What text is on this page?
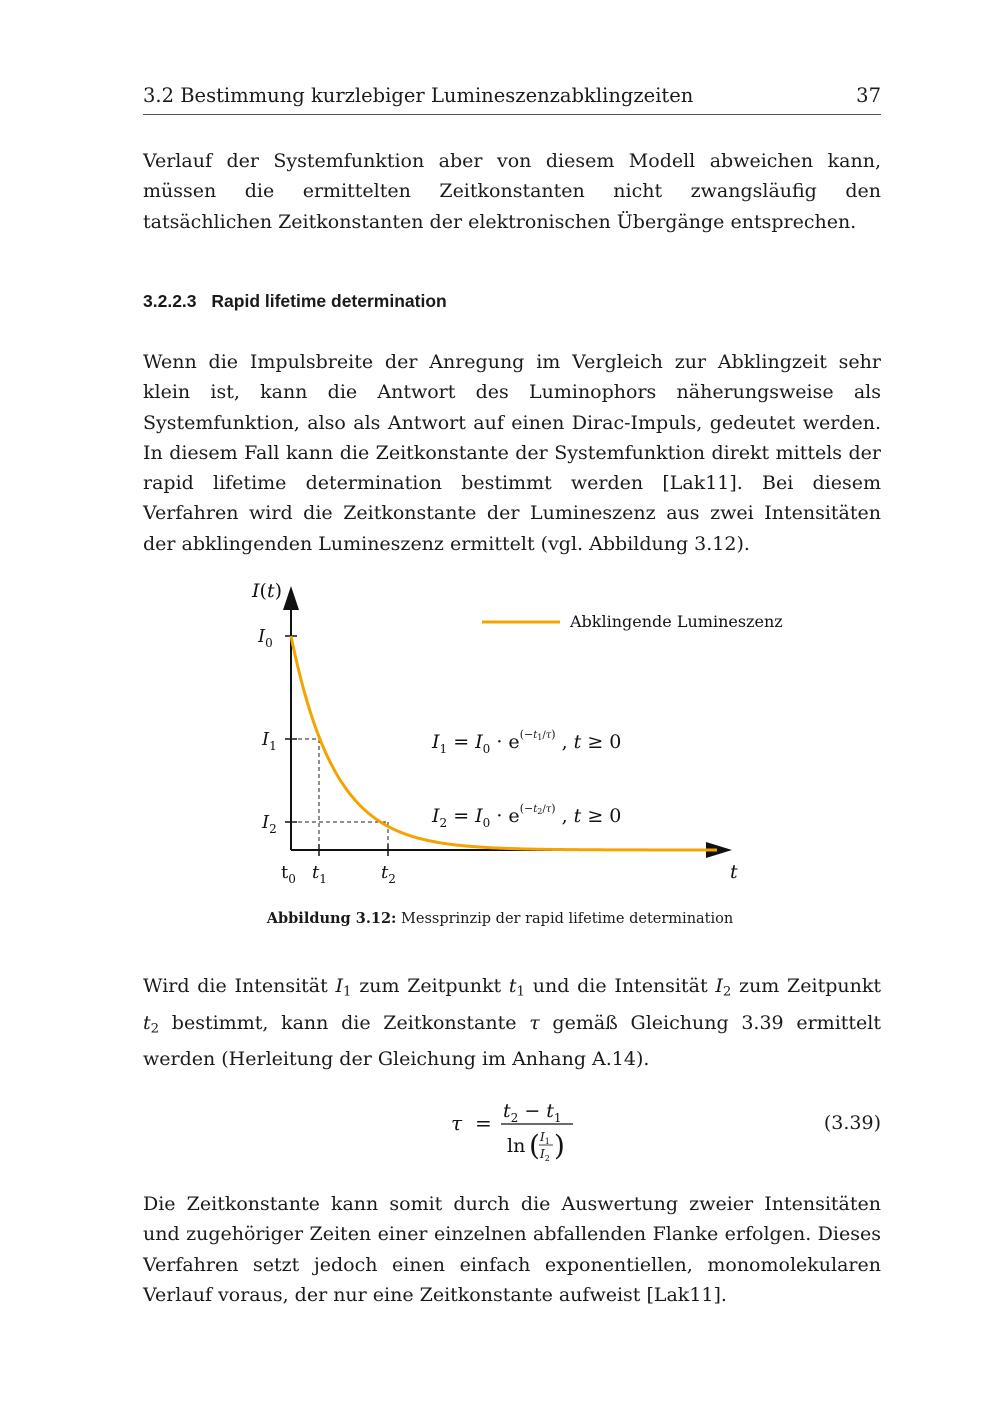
3.2 Bestimmung kurzlebiger Lumineszenzabklingzeiten	37
Verlauf der Systemfunktion aber von diesem Modell abweichen kann, müssen die ermittelten Zeitkonstanten nicht zwangsläufig den tatsächlichen Zeitkonstanten der elektronischen Übergänge entsprechen.
3.2.2.3 Rapid lifetime determination
Wenn die Impulsbreite der Anregung im Vergleich zur Abklingzeit sehr klein ist, kann die Antwort des Luminophors näherungsweise als Systemfunktion, also als Antwort auf einen Dirac-Impuls, gedeutet werden. In diesem Fall kann die Zeitkonstante der Systemfunktion direkt mittels der rapid lifetime determination bestimmt werden [Lak11]. Bei diesem Verfahren wird die Zeitkonstante der Lumineszenz aus zwei Intensitäten der abklingenden Lumineszenz ermittelt (vgl. Abbildung 3.12).
Abklingende Lumineszenz
I(t)
t
$I_0$
$I_1$
$I_2$
$t_0$ $t_1$	$t_2$
$I_1 = I_0 \cdot e^{(-}t1/\tau$) , t ≥ 0
$I_2 = I_0 \cdot e^{(-}t2/\tau$) , t ≥ 0
Abbildung 3.12: Messprinzip der rapid lifetime determination
Wird die Intensität $I_1$ zum Zeitpunkt $t_1$ und die Intensität $I_2$ zum Zeitpunkt $t_2$ bestimmt, kann die Zeitkonstante τ gemäß Gleichung 3.39 ermittelt werden (Herleitung der Gleichung im Anhang A.14).
$\tau = t_2 - t_1$
ln ( $I_1$
$I_2$ )
(3.39)
Die Zeitkonstante kann somit durch die Auswertung zweier Intensitäten und zugehöriger Zeiten einer einzelnen abfallenden Flanke erfolgen. Dieses Verfahren setzt jedoch einen einfach exponentiellen, monomolekularen Verlauf voraus, der nur eine Zeitkonstante aufweist [Lak11].
